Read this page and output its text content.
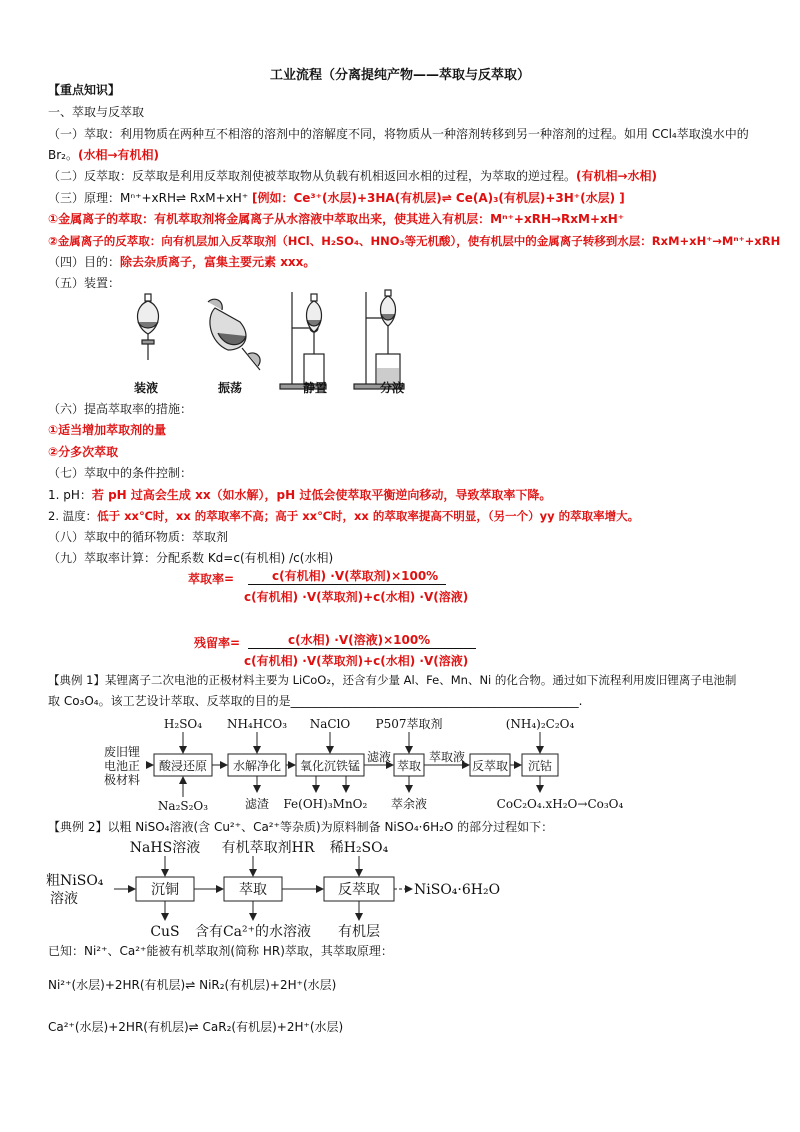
工业流程（分离提纯产物——萃取与反萃取）
【重点知识】
一、萃取与反萃取
（一）萃取：利用物质在两种互不相溶的溶剂中的溶解度不同，将物质从一种溶剂转移到另一种溶剂的过程。如用 CCl₄萃取溴水中的
Br₂。(水相→有机相)
（二）反萃取：反萃取是利用反萃取剂使被萃取物从负载有机相返回水相的过程，为萃取的逆过程。(有机相→水相)
（三）原理：Mⁿ⁺+xRH⇌ RxM+xH⁺ [例如：Ce³⁺(水层)+3HA(有机层)⇌ Ce(A)₃(有机层)+3H⁺(水层) ]
①金属离子的萃取：有机萃取剂将金属离子从水溶液中萃取出来，使其进入有机层：Mⁿ⁺+xRH→RxM+xH⁺
②金属离子的反萃取：向有机层加入反萃取剂（HCl、H₂SO₄、HNO₃等无机酸），使有机层中的金属离子转移到水层：RxM+xH⁺→Mⁿ⁺+xRH
（四）目的：除去杂质离子，富集主要元素 xxx。
（五）装置：
装液	振荡	静置	分液
（六）提高萃取率的措施：
①适当增加萃取剂的量
②分多次萃取
（七）萃取中的条件控制：
1. pH：若 pH 过高会生成 xx（如水解），pH 过低会使萃取平衡逆向移动，导致萃取率下降。
2. 温度：低于 xx℃时，xx 的萃取率不高；高于 xx℃时，xx 的萃取率提高不明显，（另一个）yy 的萃取率增大。
（八）萃取中的循环物质：萃取剂
（九）萃取率计算：分配系数 Kd=c(有机相) /c(水相)
萃取率=	c(有机相) ·V(萃取剂)×100%
c(有机相) ·V(萃取剂)+c(水相) ·V(溶液)
残留率=	c(水相) ·V(溶液)×100%
c(有机相) ·V(萃取剂)+c(水相) ·V(溶液)
【典例 1】某锂离子二次电池的正极材料主要为 LiCoO₂，还含有少量 Al、Fe、Mn、Ni 的化合物。通过如下流程利用废旧锂离子电池制
取 Co₃O₄。该工艺设计萃取、反萃取的目的是________________________________________________.
废旧锂
电池正
极材料
酸浸还原 水解净化 氧化沉铁锰	萃取	反萃取 沉钴
H₂SO₄ NH₄HCO₃ NaClO P507萃取剂	(NH₄)₂C₂O₄
滤液	萃取液
Na₂S₂O₃	滤渣 Fe(OH)₃ MnO₂ 萃余液	CoC₂O₄.xH₂O→Co₃O₄
【典例 2】以粗 NiSO₄溶液(含 Cu²⁺、Ca²⁺等杂质)为原料制备 NiSO₄·6H₂O 的部分过程如下：
粗NiSO₄
溶液
沉铜	萃取	反萃取
NaHS溶液 有机萃取剂HR 稀H₂SO₄
CuS 含有Ca²⁺的水溶液 有机层
NiSO₄·6H₂O
已知：Ni²⁺、Ca²⁺能被有机萃取剂(简称 HR)萃取，其萃取原理：
Ni²⁺(水层)+2HR(有机层)⇌ NiR₂(有机层)+2H⁺(水层)
Ca²⁺(水层)+2HR(有机层)⇌ CaR₂(有机层)+2H⁺(水层)
